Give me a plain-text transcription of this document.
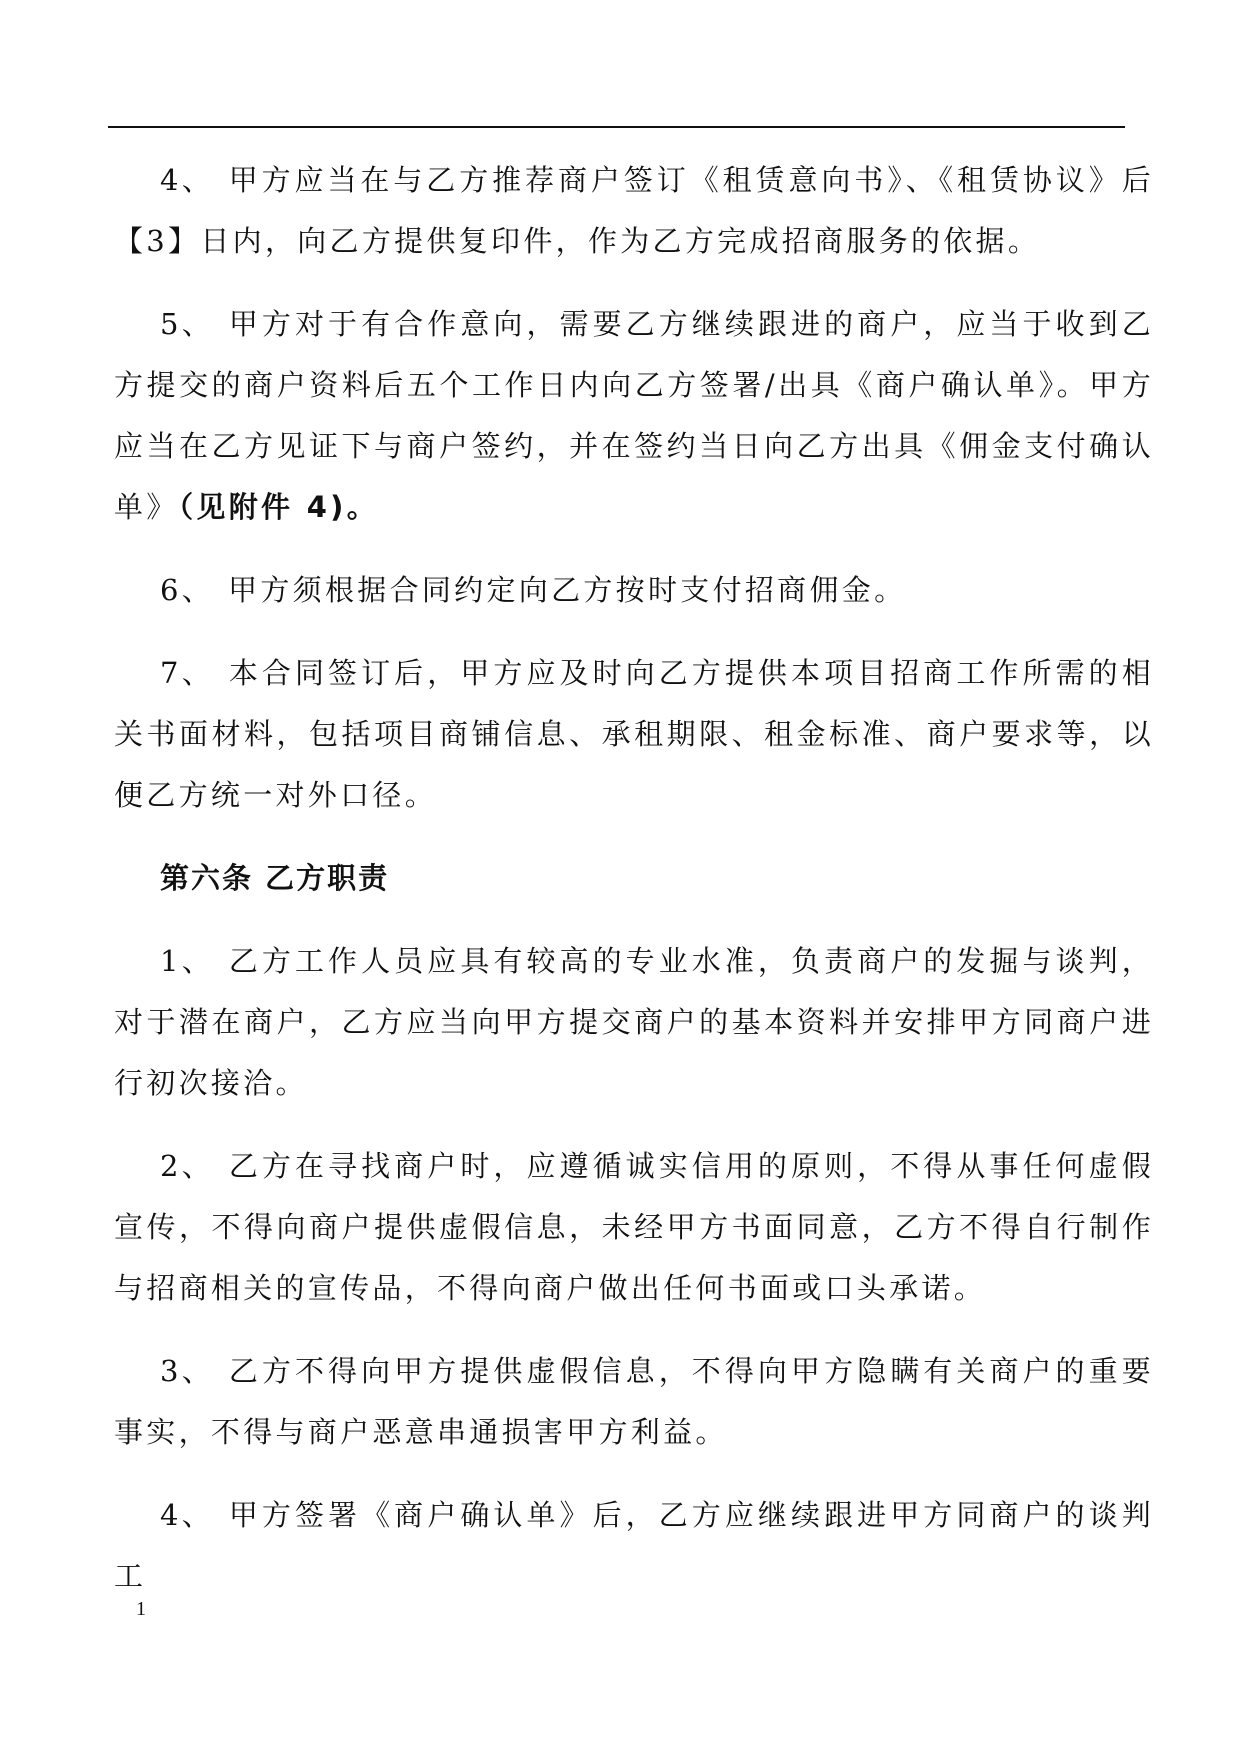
4、 甲方应当在与乙方推荐商户签订《租赁意向书》、《租赁协议》后【3】日内，向乙方提供复印件，作为乙方完成招商服务的依据。

5、 甲方对于有合作意向，需要乙方继续跟进的商户，应当于收到乙方提交的商户资料后五个工作日内向乙方签署/出具《商户确认单》。甲方应当在乙方见证下与商户签约，并在签约当日向乙方出具《佣金支付确认单》（见附件 4)。

6、 甲方须根据合同约定向乙方按时支付招商佣金。

7、 本合同签订后，甲方应及时向乙方提供本项目招商工作所需的相关书面材料，包括项目商铺信息、承租期限、租金标准、商户要求等，以便乙方统一对外口径。

第六条 乙方职责

1、 乙方工作人员应具有较高的专业水准，负责商户的发掘与谈判，对于潜在商户，乙方应当向甲方提交商户的基本资料并安排甲方同商户进行初次接洽。

2、 乙方在寻找商户时，应遵循诚实信用的原则，不得从事任何虚假宣传，不得向商户提供虚假信息，未经甲方书面同意，乙方不得自行制作与招商相关的宣传品，不得向商户做出任何书面或口头承诺。

3、 乙方不得向甲方提供虚假信息，不得向甲方隐瞒有关商户的重要事实，不得与商户恶意串通损害甲方利益。

4、 甲方签署《商户确认单》后，乙方应继续跟进甲方同商户的谈判工

1
